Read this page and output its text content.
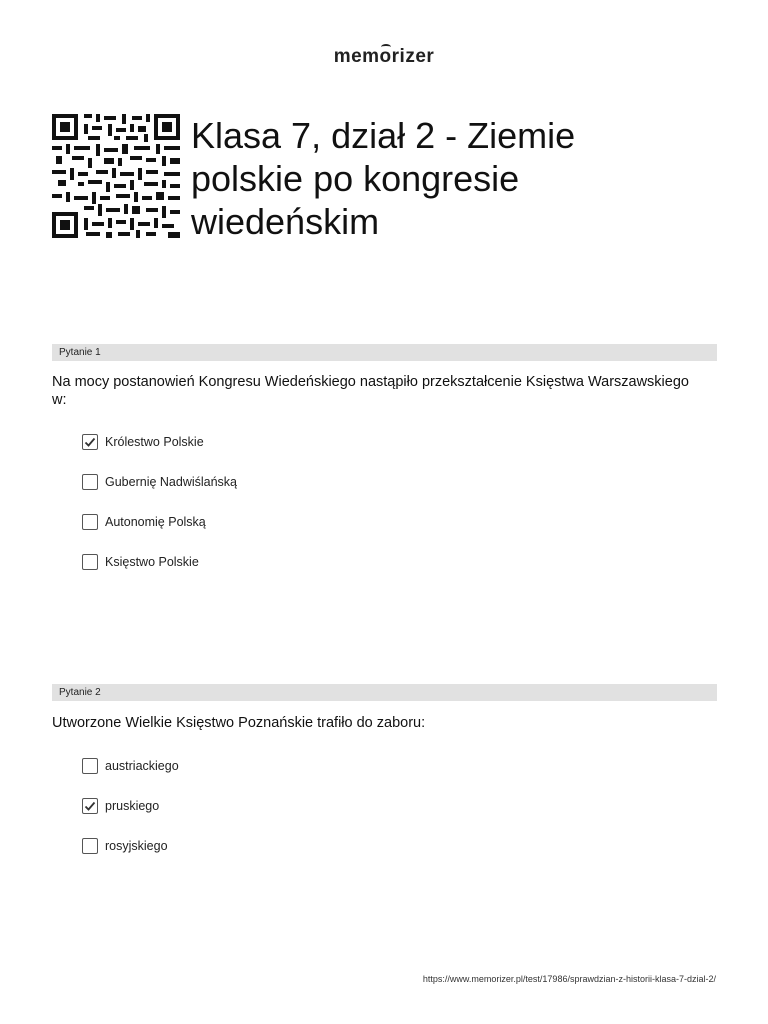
memorizer
Klasa 7, dział 2 - Ziemie polskie po kongresie wiedeńskim
Pytanie 1
Na mocy postanowień Kongresu Wiedeńskiego nastąpiło przekształcenie Księstwa Warszawskiego w:
Królestwo Polskie
Gubernię Nadwiślańską
Autonomię Polską
Księstwo Polskie
Pytanie 2
Utworzone Wielkie Księstwo Poznańskie trafiło do zaboru:
austriackiego
pruskiego
rosyjskiego
https://www.memorizer.pl/test/17986/sprawdzian-z-historii-klasa-7-dzial-2/
